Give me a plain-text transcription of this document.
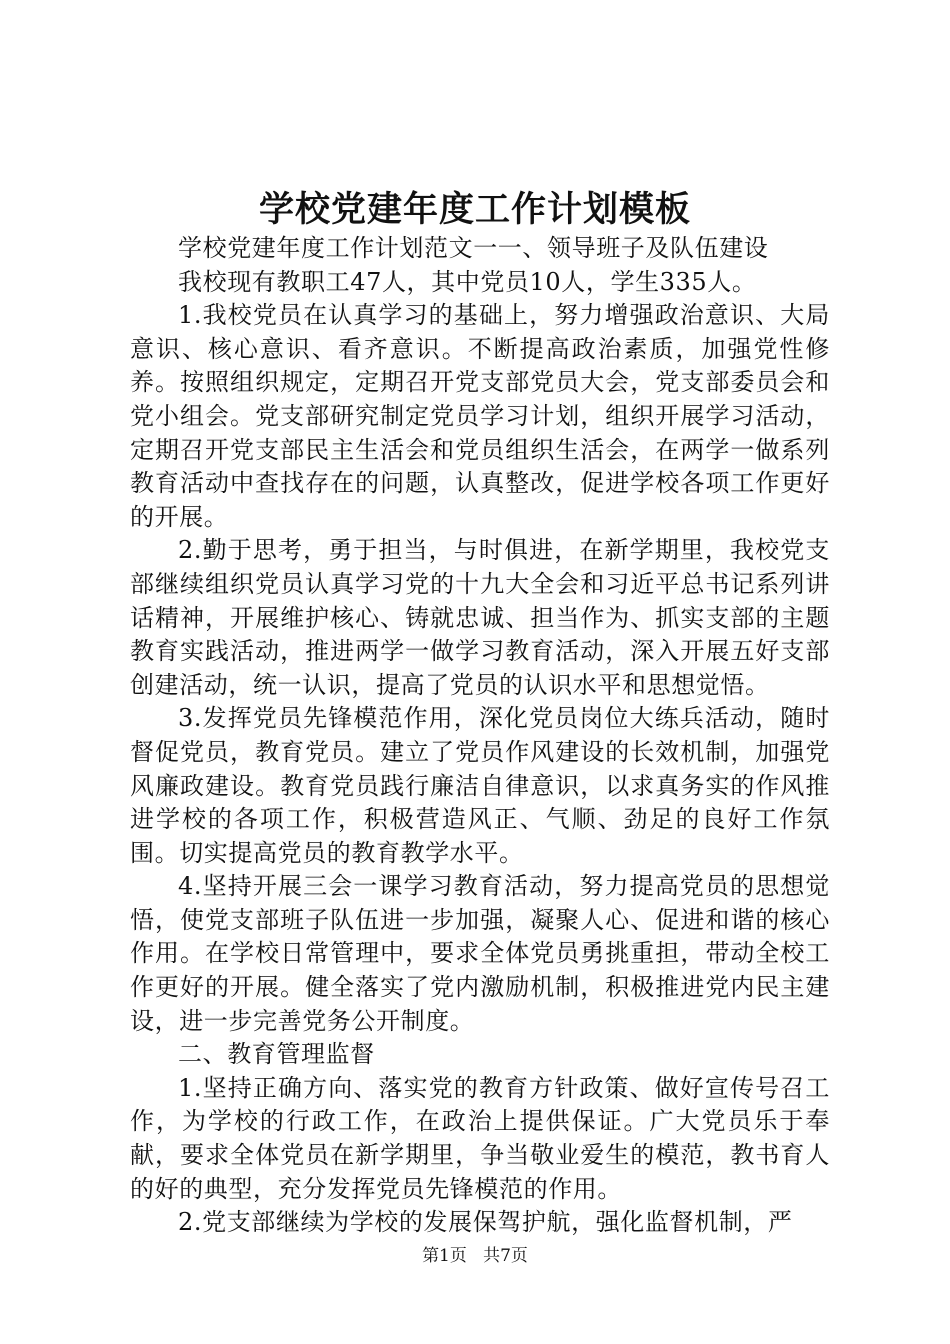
学校党建年度工作计划模板

学校党建年度工作计划范文一一、领导班子及队伍建设

我校现有教职工47人，其中党员10人，学生335人。

1.我校党员在认真学习的基础上，努力增强政治意识、大局意识、核心意识、看齐意识。不断提高政治素质，加强党性修养。按照组织规定，定期召开党支部党员大会，党支部委员会和党小组会。党支部研究制定党员学习计划，组织开展学习活动，定期召开党支部民主生活会和党员组织生活会，在两学一做系列教育活动中查找存在的问题，认真整改，促进学校各项工作更好的开展。

2.勤于思考，勇于担当，与时俱进，在新学期里，我校党支部继续组织党员认真学习党的十九大全会和习近平总书记系列讲话精神，开展维护核心、铸就忠诚、担当作为、抓实支部的主题教育实践活动，推进两学一做学习教育活动，深入开展五好支部创建活动，统一认识，提高了党员的认识水平和思想觉悟。

3.发挥党员先锋模范作用，深化党员岗位大练兵活动，随时督促党员，教育党员。建立了党员作风建设的长效机制，加强党风廉政建设。教育党员践行廉洁自律意识，以求真务实的作风推进学校的各项工作，积极营造风正、气顺、劲足的良好工作氛围。切实提高党员的教育教学水平。

4.坚持开展三会一课学习教育活动，努力提高党员的思想觉悟，使党支部班子队伍进一步加强，凝聚人心、促进和谐的核心作用。在学校日常管理中，要求全体党员勇挑重担，带动全校工作更好的开展。健全落实了党内激励机制，积极推进党内民主建设，进一步完善党务公开制度。

二、教育管理监督

1.坚持正确方向、落实党的教育方针政策、做好宣传号召工作，为学校的行政工作，在政治上提供保证。广大党员乐于奉献，要求全体党员在新学期里，争当敬业爱生的模范，教书育人的好的典型，充分发挥党员先锋模范的作用。

2.党支部继续为学校的发展保驾护航，强化监督机制，严

第1页 共7页
